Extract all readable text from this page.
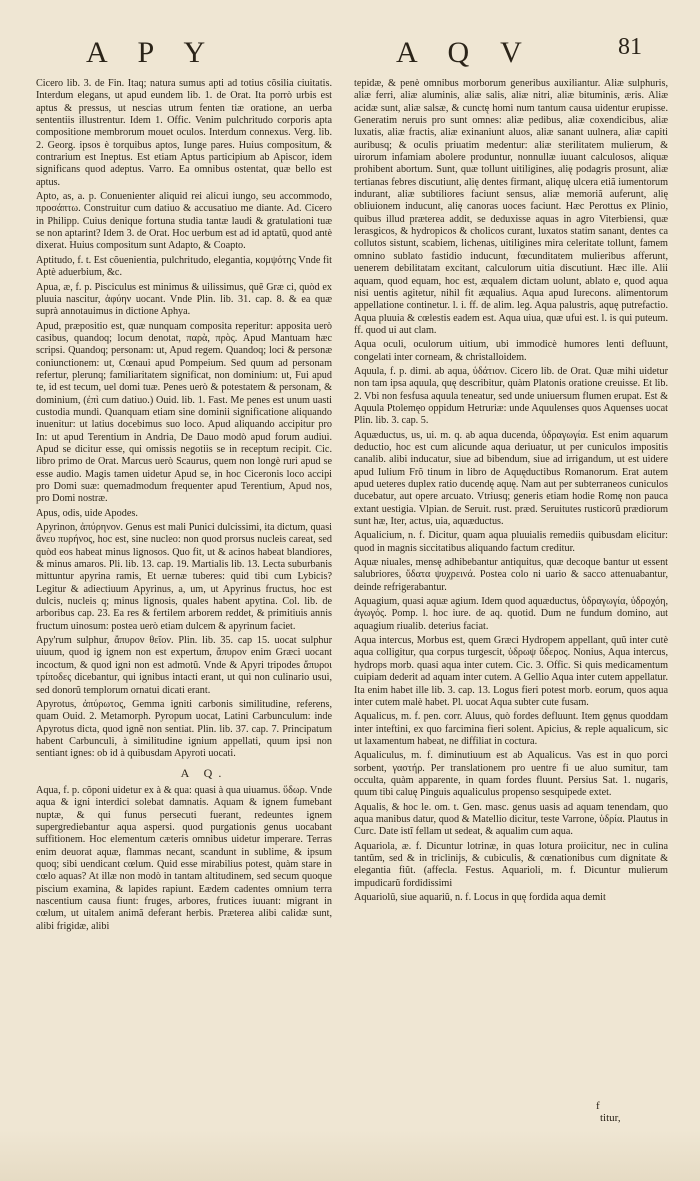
A P Y	A Q V	81

Cicero lib. 3. de Fin. Itaq; natura sumus apti ad totius cõsilia ciuitatis. Interdum elegans, ut apud eundem lib. 1. de Orat. Ita porrò urbis est aptus & pressus, ut nescias utrum fenten tiæ oratione, an uerba sententiis illustrentur. Idem 1. Offic. Venim pulchritudo corporis apta compositione membrorum mouet oculos. Interdum connexus. Verg. lib. 2. Georg. ipsos è torquibus aptos, Iunge pares. Huius compositum, & contrarium est Ineptus. Est etiam Aptus participium ab Apiscor, idem significans quod adeptus. Varro. Ea omnibus ostentat, quæ bello est aptus.

Apto, as, a. p. Conuenienter aliquid rei alicui iungo, seu accommodo, προσάπτω. Construitur cum datiuo & accusatiuo me diante. Ad. Cicero in Philipp. Cuius denique fortuna studia tantæ laudi & gratulationi tuæ se non aptarint? Idem 3. de Orat. Hoc uerbum est ad id aptatū, quod antè dixerat. Huius compositum sunt Adapto, & Coapto.

Aptitudo, f. t. Est cõuenientia, pulchritudo, elegantia, κομψότης Vnde fit Aptè aduerbium, &c.

Apua, æ, f. p. Pisciculus est minimus & uilissimus, quẽ Græ ci, quòd ex pluuia nascitur, ἀφύην uocant. Vnde Plin. lib. 31. cap. 8. & ea quæ suprà annotauimus in dictione Aphya.

Apud, præpositio est, quæ nunquam composita reperitur: apposita uerò casibus, quandoq; locum denotat, παρὰ, πρὸς. Apud Mantuam hæc scripsi. Quandoq; personam: ut, Apud regem. Quandoq; loci & personæ coniunctionem: ut, Cœnaui apud Pompeium. Sed quum ad personam refertur, plerunq; familiaritatem significat, non dominium: ut, Fui apud te, id est tecum, uel domi tuæ. Penes uerò & potestatem & personam, & dominium, (ἐπὶ cum datiuo.) Ouid. lib. 1. Fast. Me penes est unum uasti custodia mundi. Quanquam etiam sine dominii significatione aliquando inuenitur: ut latius docebimus suo loco. Apud aliquando accipitur pro In: ut apud Terentium in Andria, De Dauo modò apud forum audiui. Apud se dicitur esse, qui omissis negotiis se in receptum recipit. Cic. libro primo de Orat. Marcus uerò Scaurus, quem non longè ruri apud se esse audio. Magis tamen uidetur Apud se, in hoc Ciceronis loco accipi pro Domi suæ: quemadmodum frequenter apud Terentium, Apud nos, pro Domi nostræ.

Apus, odis, uide Apodes.

Apyrinon, ἀπύρηνον. Genus est mali Punici dulcissimi, ita dictum, quasi ἄνευ πυρήνος, hoc est, sine nucleo: non quod prorsus nucleis careat, sed quòd eos habeat minus lignosos. Quo fit, ut & acinos habeat blandiores, & minus amaros. Pli. lib. 13. cap. 19. Martialis lib. 13. Lecta suburbanis mittuntur apyrina ramis, Et uernæ tuberes: quid tibi cum Lybicis? Legitur & adiectiuum Apyrinus, a, um, ut Apyrinus fructus, hoc est dulcis, nucleis q; minus lignosis, quales habent apytina. Col. lib. de arboribus cap. 23. Ea res & fertilem arborem reddet, & primitiuis annis fructum uinosum: postea uerò etiam dulcem & apyrinum faciet.

Apy'rum sulphur, ἄπυρον θεῖον. Plin. lib. 35. cap 15. uocat sulphur uiuum, quod ig ignem non est expertum, ἄπυρον enim Græci uocant incoctum, & quod igni non est admotũ. Vnde & Apyri tripodes ἄπυροι τρίποδες dicebantur, qui ignibus intacti erant, ut qui non culinario usui, sed donorũ templorum ornatui dicati erant.

Apyrotus, ἀπύρωτος, Gemma igniti carbonis similitudine, referens, quam Ouid. 2. Metamorph. Pyropum uocat, Latini Carbunculum: inde Apyrotus dicta, quod ignẽ non sentiat. Plin. lib. 37. cap. 7. Principatum habent Carbunculi, à similitudine ignium appellati, quum ipsi non sentiant ignes: ob id à quibusdam Apyroti uocati.

A Q.

Aqua, f. p. cõponi uidetur ex à & qua: quasi à qua uiuamus. ὕδωρ. Vnde aqua & igni interdici solebat damnatis. Aquam & ignem fumebant nuptæ, & qui funus persecuti fuerant, redeuntes ignem supergrediebantur aqua aspersi. quod purgationis genus uocabant suffitionem. Hoc elementum cæteris omnibus uidetur imperare. Terras enim deuorat aquæ, flammas necant, scandunt in sublime, & ipsum quoq; sibi uendicant cœlum. Quid esse mirabilius potest, quàm stare in cœlo aquas? At illæ non modò in tantam altitudinem, sed secum quoque piscium examina, & lapides rapiunt. Eædem cadentes omnium terra nascentium causa fiunt: fruges, arbores, frutices iuuant: migrant in cœlum, ut uitalem animã deferant herbis. Præterea alibi calidæ sunt, alibi frigidæ, alibi

tepidæ, & penè omnibus morborum generibus auxiliantur. Aliæ sulphuris, aliæ ferri, aliæ aluminis, aliæ salis, aliæ nitri, aliæ bituminis, æris. Aliæ acidæ sunt, aliæ salsæ, & cunctę homi num tantum causa uidentur erupisse. Generatim neruis pro sunt omnes: aliæ pedibus, aliæ coxendicibus, aliæ luxatis, aliæ fractis, aliæ exinaniunt aluos, aliæ sanant uulnera, aliæ capiti auribusq; & oculis priuatim medentur: aliæ sterilitatem mulierum, & uirorum infamiam abolere produntur, nonnullæ iuuant calculosos, aliquæ prohibent abortum. Sunt, quæ tollunt uitiligines, alię podagris prosunt, aliæ tertianas febres discutiunt, alię dentes firmant, aliquę ulcera etiã iumentorum indurant, aliæ subtiliores faciunt sensus, aliæ memoriã auferunt, alię obliuionem inducunt, alię canoras uoces faciunt. Hæc Perottus ex Plinio, quibus illud præterea addit, se deduxisse aquas in agro Viterbiensi, quæ lerasgicos, & hydropicos & cholicos curant, luxatos statim sanant, dentes ca collutos sistunt, scabiem, lichenas, uitiligines mira celeritate tollunt, famem omnino sublato fastidio inducunt, fœcunditatem mulieribus afferunt, uenerem debilitatam excitant, calculorum uitia discutiunt. Hæc ille. Alii aquam, quod equam, hoc est, æqualem dictam uolunt, ablato e, quod aqua nisi uentis agitetur, nihil fit æqualius. Aqua apud Iurecons. alimentorum appellatione continetur. l. i. ff. de alim. leg. Aqua palustris, aquę putrefactio. Aqua pluuia & cœlestis eadem est. Aqua uiua, quæ ufui est. l. is qui puteum. ff. quod ui aut clam.

Aqua oculi, oculorum uitium, ubi immodicè humores lenti defluunt, congelati inter corneam, & christalloidem.

Aquula, f. p. dimi. ab aqua, ὑδάτιον. Cicero lib. de Orat. Quæ mihi uidetur non tam ipsa aquula, quę describitur, quàm Platonis oratione creuisse. Et lib. 2. Vbi non fesfusa aquula teneatur, sed unde uniuersum flumen erupat. Est & Aquula Ptolemęo oppidum Hetruriæ: unde Aquulenses quos Aquenses uocat Plin. lib. 3. cap. 5.

Aquæductus, us, ui. m. q. ab aqua ducenda, ὑδραγωγία. Est enim aquarum deductio, hoc est cum alicunde aqua deriuatur, ut per cuniculos impositis canalib. alibi inducatur, siue ad bibendum, siue ad irrigandum, ut est uidere apud Iulium Frõ tinum in libro de Aquęductibus Romanorum. Erat autem apud ueteres duplex ratio ducendę aquę. Nam aut per subterraneos cuniculos ducebatur, aut opere arcuato. Vtriusq; generis etiam hodie Romę non pauca extant uestigia. Vlpian. de Seruit. rust. præd. Seruitutes rusticorũ prædiorum sunt hæ, Iter, actus, uia, aquæductus.

Aqualicium, n. f. Dicitur, quam aqua pluuialis remediis quibusdam elicitur: quod in magnis siccitatibus aliquando factum creditur.

Aquæ niuales, mensę adhibebantur antiquitus, quæ decoque bantur ut essent salubriores, ὕδατα ψυχρεινά. Postea colo ni uario & sacco attenuabantur, deinde refrigerabantur.

Aquagium, quasi aquæ agium. Idem quod aquæductus, ὑδραγωγία, ὑδροχόη, ἀγωγός. Pomp. l. hoc iure. de aq. quotid. Dum ne fundum domino, aut aquagium riualib. deterius faciat.

Aqua intercus, Morbus est, quem Græci Hydropem appellant, quũ inter cutè aqua colligitur, qua corpus turgescit, ὑδρωψ ὕδερος. Nonius, Aqua intercus, hydrops morb. quasi aqua inter cutem. Cic. 3. Offic. Si quis medicamentum cuipiam dederit ad aquam inter cutem. A Gellio Aqua inter cutem appellatur. Ita enim habet ille lib. 3. cap. 13. Logus fieri potest morb. eorum, quos aqua inter cutem malè habet. Pl. uocat Aqua subter cute fusam.

Aqualicus, m. f. pen. corr. Aluus, quò fordes defluunt. Item gęnus quoddam inter inteftini, ex quo farcimina fieri solent. Apicius, & reple aqualicum, sic ut laxamentum habeat, ne diffiliat in coctura.

Aqualiculus, m. f. diminutiuum est ab Aqualicus. Vas est in quo porci sorbent, γαστήρ. Per translationem pro uentre fi ue aluo sumitur, tam occulta, quàm apparente, in quam fordes fluunt. Persius Sat. 1. nugaris, quum tibi caluę Pinguis aqualiculus propenso sesquipede extet.

Aqualis, & hoc le. om. t. Gen. masc. genus uasis ad aquam tenendam, quo aqua manibus datur, quod & Matellio dicitur, teste Varrone, ὑδρία. Plautus in Curc. Date istĩ fellam ut sedeat, & aqualim cum aqua.

Aquariola, æ. f. Dicuntur lotrinæ, in quas lotura proiicitur, nec in culina tantũm, sed & in triclinijs, & cubiculis, & cœnationibus cum dignitate & elegantia fiũt. (affecla. Festus. Aquarioli, m. f. Dicuntur mulierum impudicarũ fordidissimi

Aquariolũ, siue aquariũ, n. f. Locus in quę fordida aqua demit

f
titur,
